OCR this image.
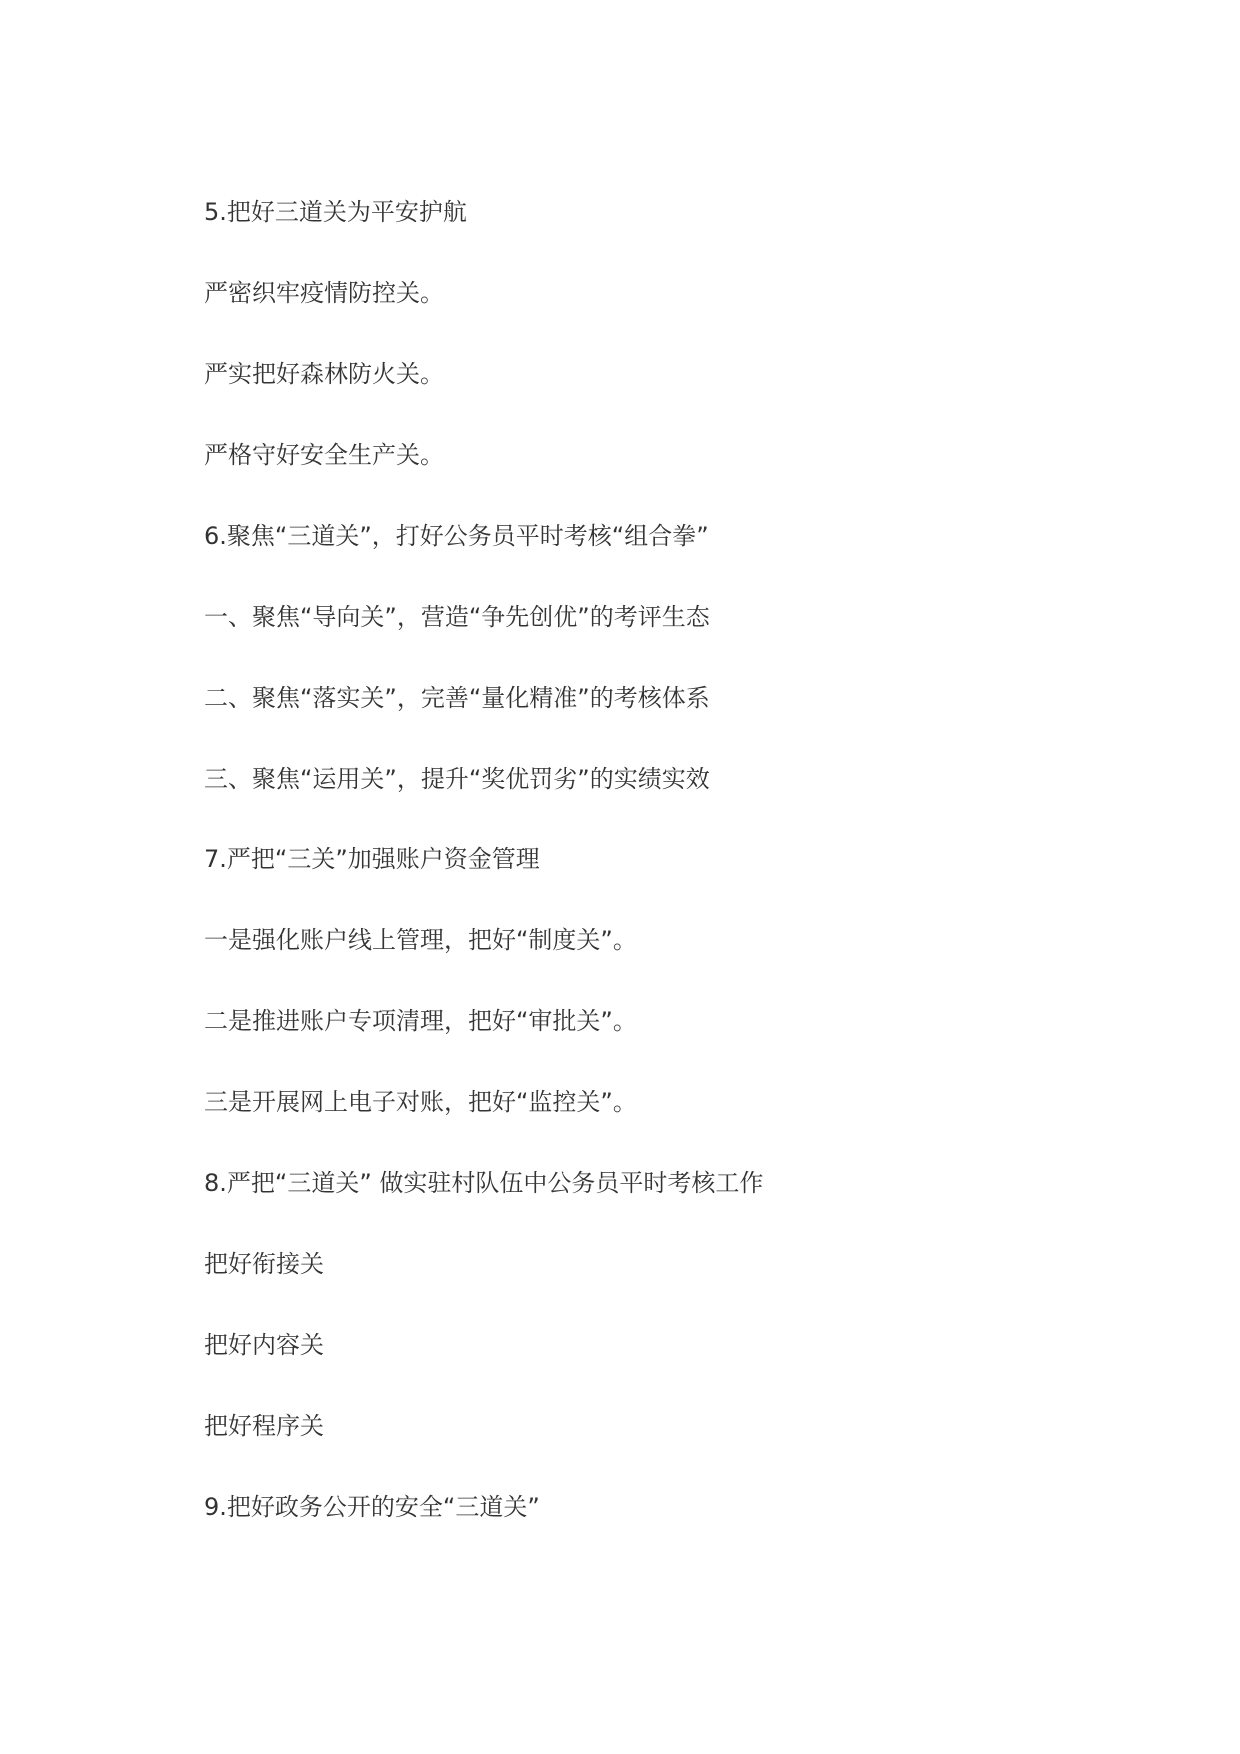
5.把好三道关为平安护航

严密织牢疫情防控关。

严实把好森林防火关。

严格守好安全生产关。

6.聚焦“三道关”，打好公务员平时考核“组合拳”

一、聚焦“导向关”，营造“争先创优”的考评生态

二、聚焦“落实关”，完善“量化精准”的考核体系

三、聚焦“运用关”，提升“奖优罚劣”的实绩实效

7.严把“三关”加强账户资金管理

一是强化账户线上管理，把好“制度关”。

二是推进账户专项清理，把好“审批关”。

三是开展网上电子对账，把好“监控关”。

8.严把“三道关” 做实驻村队伍中公务员平时考核工作

把好衔接关

把好内容关

把好程序关

9.把好政务公开的安全“三道关”
